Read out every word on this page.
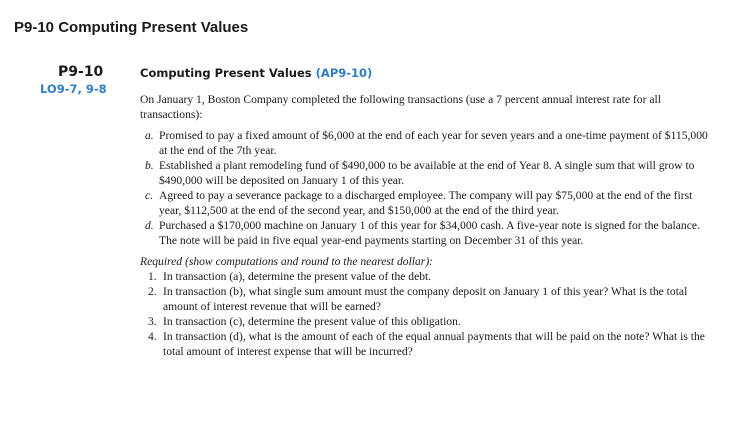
P9-10 Computing Present Values
P9-10
LO9-7, 9-8
Computing Present Values (AP9-10)

On January 1, Boston Company completed the following transactions (use a 7 percent annual interest rate for all transactions):

a. Promised to pay a fixed amount of $6,000 at the end of each year for seven years and a one-time payment of $115,000 at the end of the 7th year.
b. Established a plant remodeling fund of $490,000 to be available at the end of Year 8. A single sum that will grow to $490,000 will be deposited on January 1 of this year.
c. Agreed to pay a severance package to a discharged employee. The company will pay $75,000 at the end of the first year, $112,500 at the end of the second year, and $150,000 at the end of the third year.
d. Purchased a $170,000 machine on January 1 of this year for $34,000 cash. A five-year note is signed for the balance. The note will be paid in five equal year-end payments starting on December 31 of this year.

Required (show computations and round to the nearest dollar):

1. In transaction (a), determine the present value of the debt.
2. In transaction (b), what single sum amount must the company deposit on January 1 of this year? What is the total amount of interest revenue that will be earned?
3. In transaction (c), determine the present value of this obligation.
4. In transaction (d), what is the amount of each of the equal annual payments that will be paid on the note? What is the total amount of interest expense that will be incurred?
